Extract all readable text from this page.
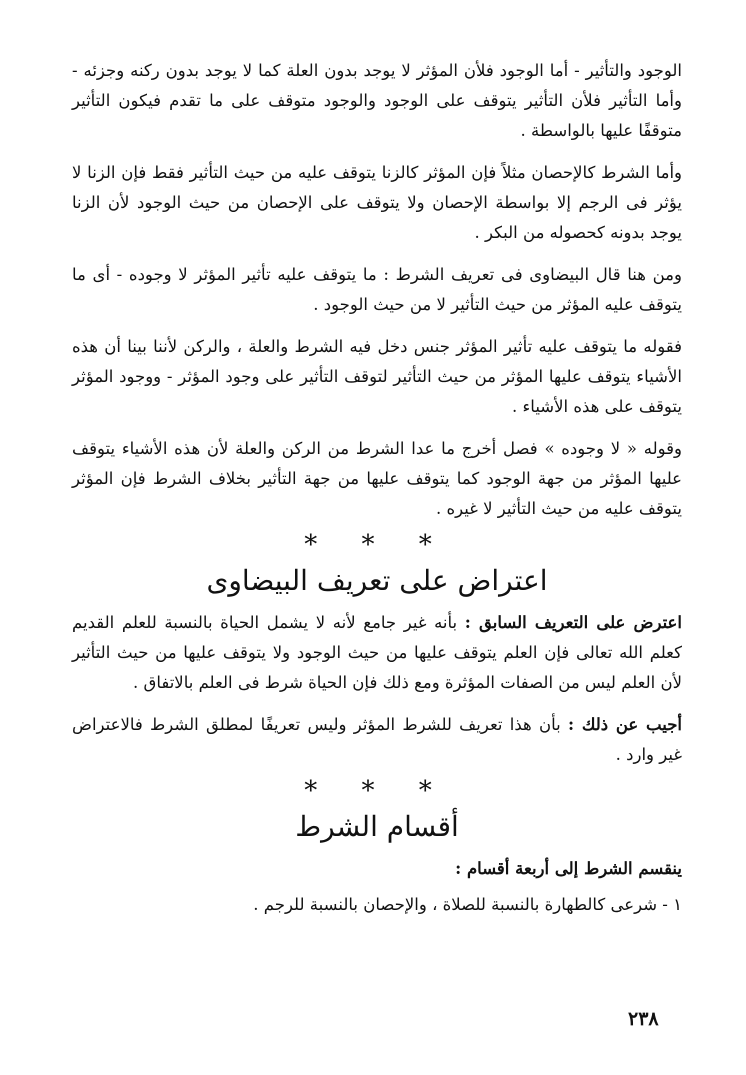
الوجود والتأثير - أما الوجود فلأن المؤثر لا يوجد بدون العلة كما لا يوجد بدون ركنه وجزئه - وأما التأثير فلأن التأثير يتوقف على الوجود والوجود متوقف على ما تقدم فيكون التأثير متوقفًا عليها بالواسطة .

وأما الشرط كالإحصان مثلاً فإن المؤثر كالزنا يتوقف عليه من حيث التأثير فقط فإن الزنا لا يؤثر فى الرجم إلا بواسطة الإحصان ولا يتوقف على الإحصان من حيث الوجود لأن الزنا يوجد بدونه كحصوله من البكر .

ومن هنا قال البيضاوى فى تعريف الشرط : ما يتوقف عليه تأثير المؤثر لا وجوده - أى ما يتوقف عليه المؤثر من حيث التأثير لا من حيث الوجود .

فقوله ما يتوقف عليه تأثير المؤثر جنس دخل فيه الشرط والعلة ، والركن لأننا بينا أن هذه الأشياء يتوقف عليها المؤثر من حيث التأثير لتوقف التأثير على وجود المؤثر - ووجود المؤثر يتوقف على هذه الأشياء .

وقوله « لا وجوده » فصل أخرج ما عدا الشرط من الركن والعلة لأن هذه الأشياء يتوقف عليها المؤثر من جهة الوجود كما يتوقف عليها من جهة التأثير بخلاف الشرط فإن المؤثر يتوقف عليه من حيث التأثير لا غيره .

* * *
اعتراض على تعريف البيضاوى

اعترض على التعريف السابق : بأنه غير جامع لأنه لا يشمل الحياة بالنسبة للعلم القديم كعلم الله تعالى فإن العلم يتوقف عليها من حيث الوجود ولا يتوقف عليها من حيث التأثير لأن العلم ليس من الصفات المؤثرة ومع ذلك فإن الحياة شرط فى العلم بالاتفاق .

أجيب عن ذلك : بأن هذا تعريف للشرط المؤثر وليس تعريفًا لمطلق الشرط فالاعتراض غير وارد .

* * *
أقسام الشرط

ينقسم الشرط إلى أربعة أقسام :

١ - شرعى كالطهارة بالنسبة للصلاة ، والإحصان بالنسبة للرجم .

٢٣٨
